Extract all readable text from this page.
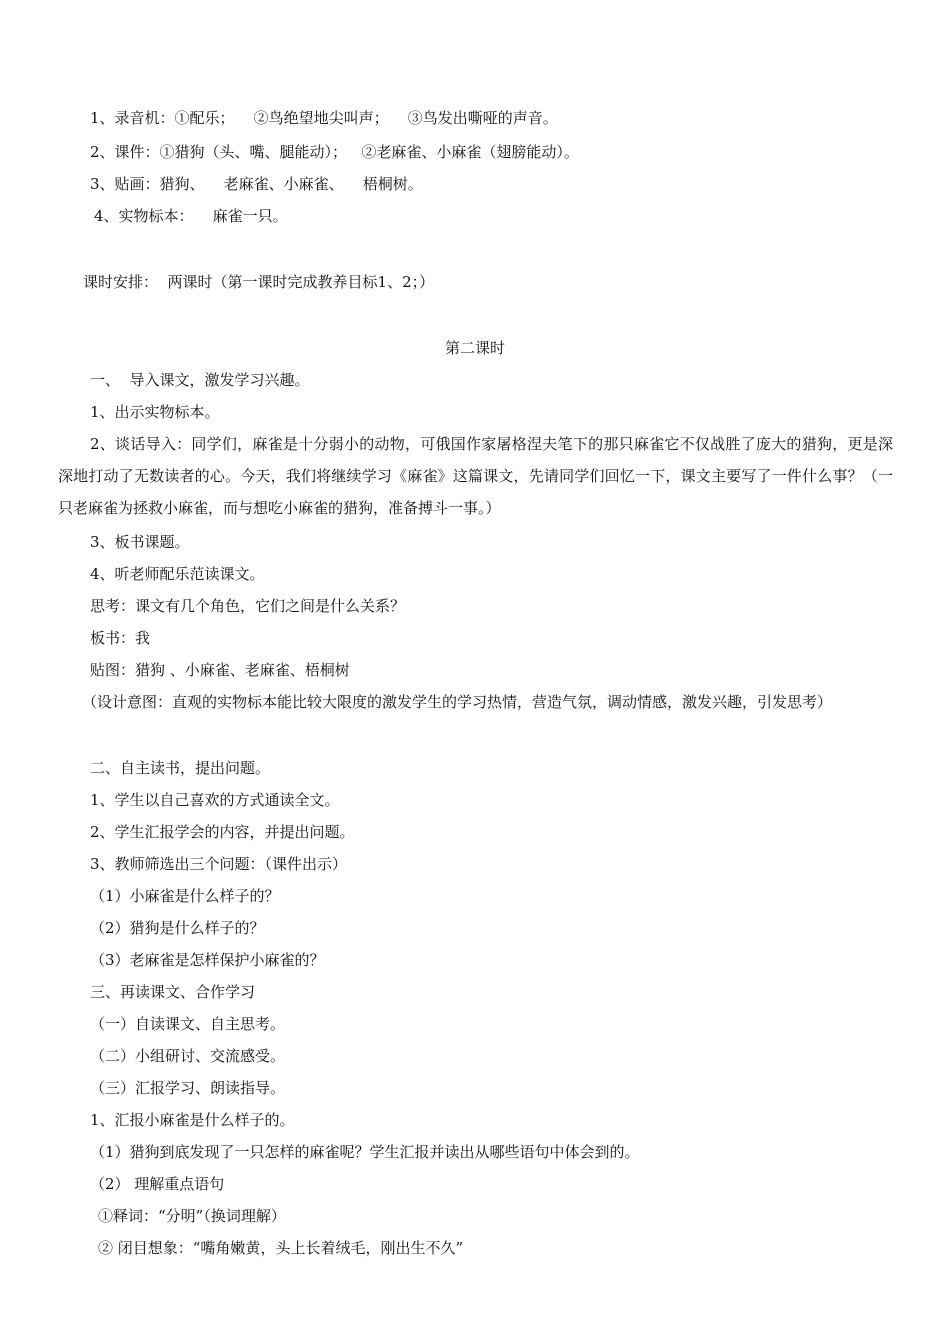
1、录音机：①配乐；    ②鸟绝望地尖叫声；    ③鸟发出嘶哑的声音。
2、课件：①猎狗（头、嘴、腿能动）；   ②老麻雀、小麻雀（翅膀能动）。
3、贴画：猎狗、    老麻雀、小麻雀、    梧桐树。
4、实物标本：    麻雀一只。
课时安排：  两课时（第一课时完成教养目标1、2；）
第二课时
一、  导入课文，激发学习兴趣。
1、出示实物标本。
2、谈话导入：同学们，麻雀是十分弱小的动物，可俄国作家屠格涅夫笔下的那只麻雀它不仅战胜了庞大的猎狗，更是深深地打动了无数读者的心。今天，我们将继续学习《麻雀》这篇课文，先请同学们回忆一下，课文主要写了一件什么事？（一只老麻雀为拯救小麻雀，而与想吃小麻雀的猎狗，准备搏斗一事。）
3、板书课题。
4、听老师配乐范读课文。
思考：课文有几个角色，它们之间是什么关系？
板书：我
贴图：猎狗 、小麻雀、老麻雀、梧桐树
（设计意图：直观的实物标本能比较大限度的激发学生的学习热情，营造气氛，调动情感，激发兴趣，引发思考）
二、自主读书，提出问题。
1、学生以自己喜欢的方式通读全文。
2、学生汇报学会的内容，并提出问题。
3、教师筛选出三个问题：（课件出示）
（1）小麻雀是什么样子的？
（2）猎狗是什么样子的？
（3）老麻雀是怎样保护小麻雀的？
三、再读课文、合作学习
（一）自读课文、自主思考。
（二）小组研讨、交流感受。
（三）汇报学习、朗读指导。
1、汇报小麻雀是什么样子的。
（1）猎狗到底发现了一只怎样的麻雀呢？学生汇报并读出从哪些语句中体会到的。
（2） 理解重点语句
①释词：“分明”（换词理解）
② 闭目想象：“嘴角嫩黄，头上长着绒毛，刚出生不久”
